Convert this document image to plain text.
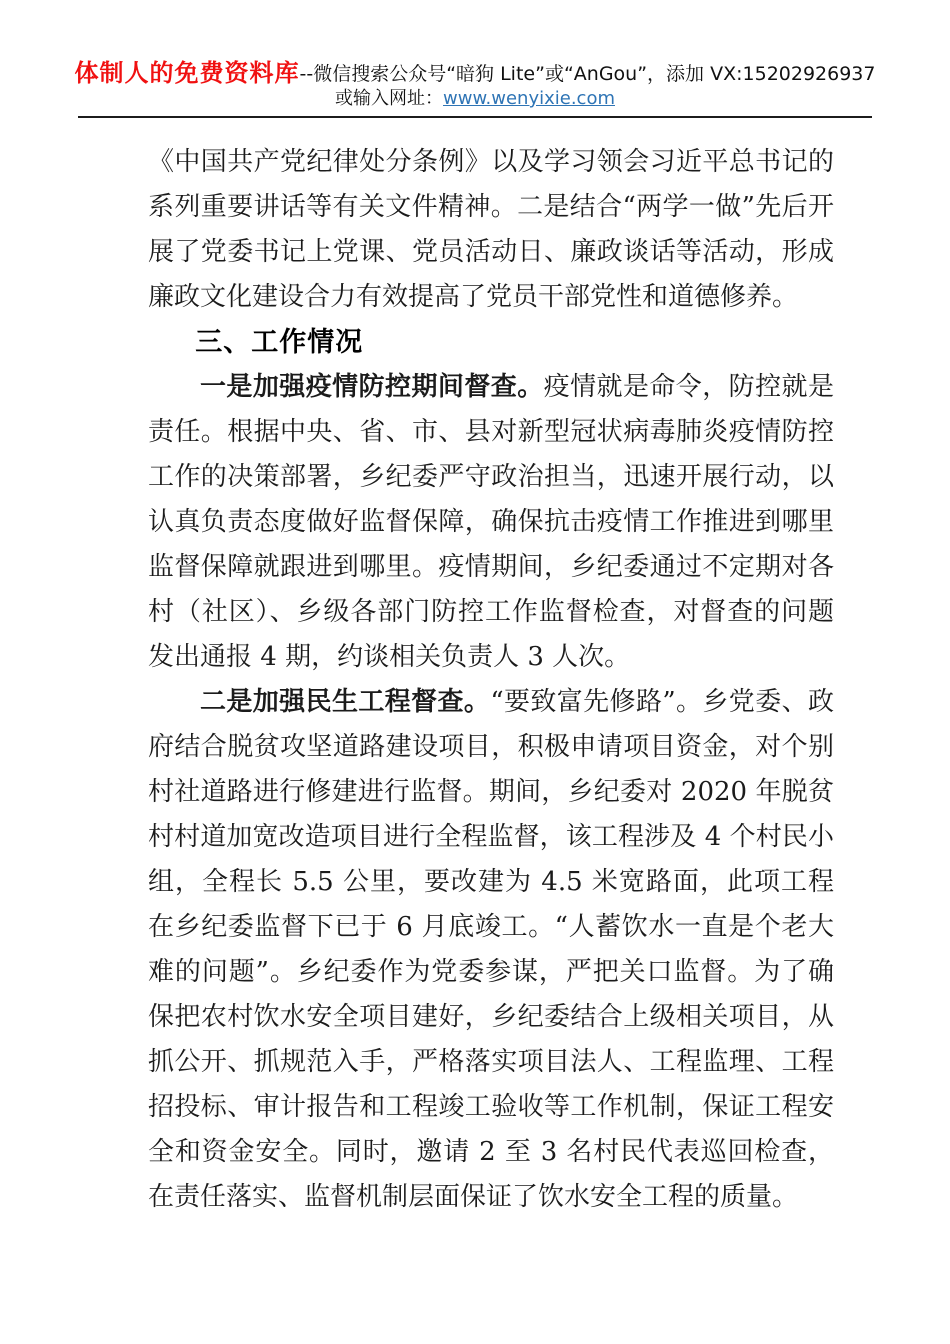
体制人的免费资料库--微信搜索公众号“暗狗 Lite”或“AnGou”，添加 VX:15202926937
或输入网址：www.wenyixie.com

《中国共产党纪律处分条例》以及学习领会习近平总书记的系列重要讲话等有关文件精神。二是结合“两学一做”先后开展了党委书记上党课、党员活动日、廉政谈话等活动，形成廉政文化建设合力有效提高了党员干部党性和道德修养。

三、工作情况

一是加强疫情防控期间督查。疫情就是命令，防控就是责任。根据中央、省、市、县对新型冠状病毒肺炎疫情防控工作的决策部署，乡纪委严守政治担当，迅速开展行动，以认真负责态度做好监督保障，确保抗击疫情工作推进到哪里监督保障就跟进到哪里。疫情期间，乡纪委通过不定期对各村（社区）、乡级各部门防控工作监督检查，对督查的问题发出通报 4 期，约谈相关负责人 3 人次。

二是加强民生工程督查。“要致富先修路”。乡党委、政府结合脱贫攻坚道路建设项目，积极申请项目资金，对个别村社道路进行修建进行监督。期间，乡纪委对 2020 年脱贫村村道加宽改造项目进行全程监督，该工程涉及 4 个村民小组，全程长 5.5 公里，要改建为 4.5 米宽路面，此项工程在乡纪委监督下已于 6 月底竣工。“人蓄饮水一直是个老大难的问题”。乡纪委作为党委参谋，严把关口监督。为了确保把农村饮水安全项目建好，乡纪委结合上级相关项目，从抓公开、抓规范入手，严格落实项目法人、工程监理、工程招投标、审计报告和工程竣工验收等工作机制，保证工程安全和资金安全。同时，邀请 2 至 3 名村民代表巡回检查，在责任落实、监督机制层面保证了饮水安全工程的质量。
